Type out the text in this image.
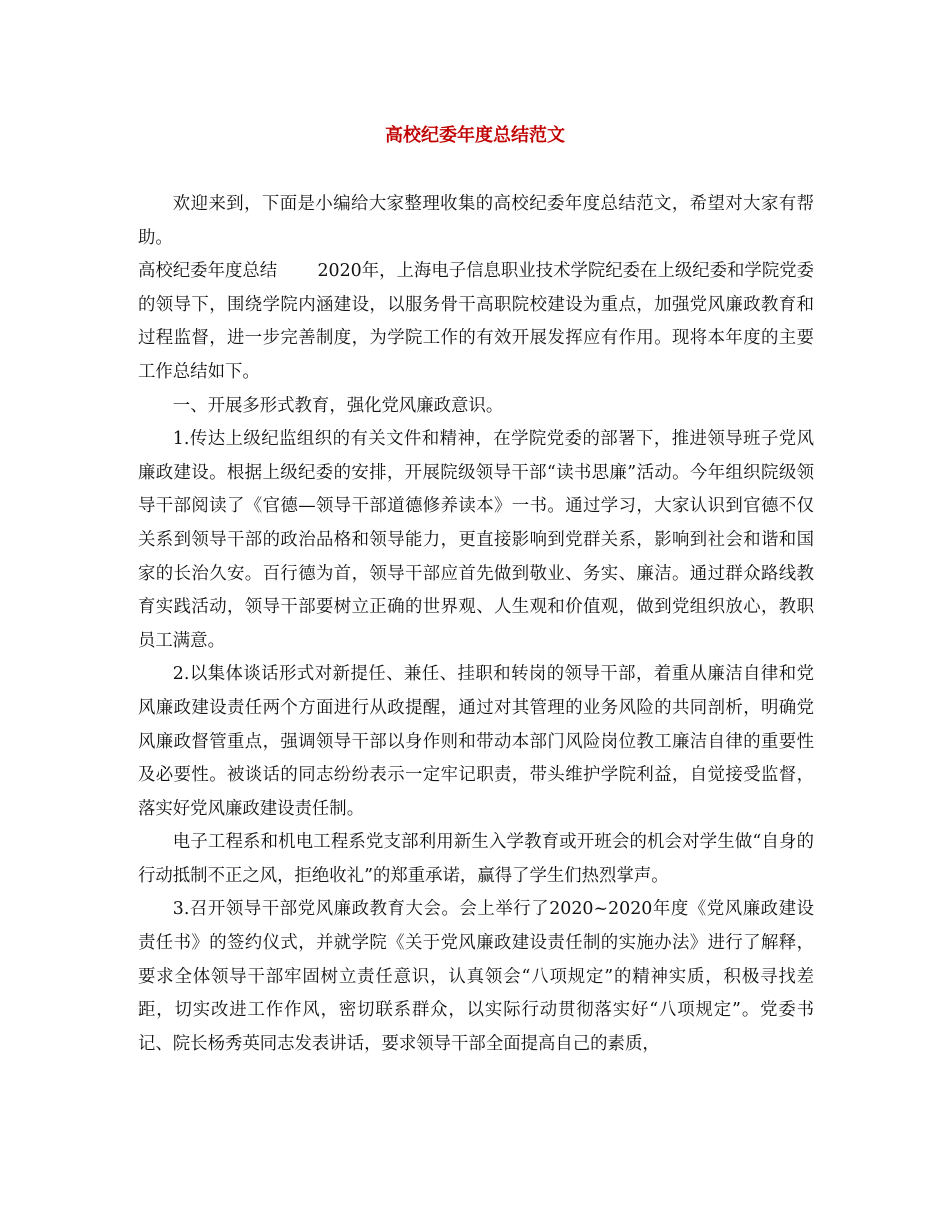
高校纪委年度总结范文

欢迎来到，下面是小编给大家整理收集的高校纪委年度总结范文，希望对大家有帮助。

高校纪委年度总结　　 2020年，上海电子信息职业技术学院纪委在上级纪委和学院党委的领导下，围绕学院内涵建设，以服务骨干高职院校建设为重点，加强党风廉政教育和过程监督，进一步完善制度，为学院工作的有效开展发挥应有作用。现将本年度的主要工作总结如下。

一、开展多形式教育，强化党风廉政意识。

1.传达上级纪监组织的有关文件和精神，在学院党委的部署下，推进领导班子党风廉政建设。根据上级纪委的安排，开展院级领导干部“读书思廉”活动。今年组织院级领导干部阅读了《官德—领导干部道德修养读本》一书。通过学习，大家认识到官德不仅关系到领导干部的政治品格和领导能力，更直接影响到党群关系，影响到社会和谐和国家的长治久安。百行德为首，领导干部应首先做到敬业、务实、廉洁。通过群众路线教育实践活动，领导干部要树立正确的世界观、人生观和价值观，做到党组织放心，教职员工满意。

2.以集体谈话形式对新提任、兼任、挂职和转岗的领导干部，着重从廉洁自律和党风廉政建设责任两个方面进行从政提醒，通过对其管理的业务风险的共同剖析，明确党风廉政督管重点，强调领导干部以身作则和带动本部门风险岗位教工廉洁自律的重要性及必要性。被谈话的同志纷纷表示一定牢记职责，带头维护学院利益，自觉接受监督，落实好党风廉政建设责任制。

电子工程系和机电工程系党支部利用新生入学教育或开班会的机会对学生做“自身的行动抵制不正之风，拒绝收礼”的郑重承诺，赢得了学生们热烈掌声。

3.召开领导干部党风廉政教育大会。会上举行了2020~2020年度《党风廉政建设责任书》的签约仪式，并就学院《关于党风廉政建设责任制的实施办法》进行了解释，要求全体领导干部牢固树立责任意识，认真领会“八项规定”的精神实质，积极寻找差距，切实改进工作作风，密切联系群众，以实际行动贯彻落实好“八项规定”。党委书记、院长杨秀英同志发表讲话，要求领导干部全面提高自己的素质，
